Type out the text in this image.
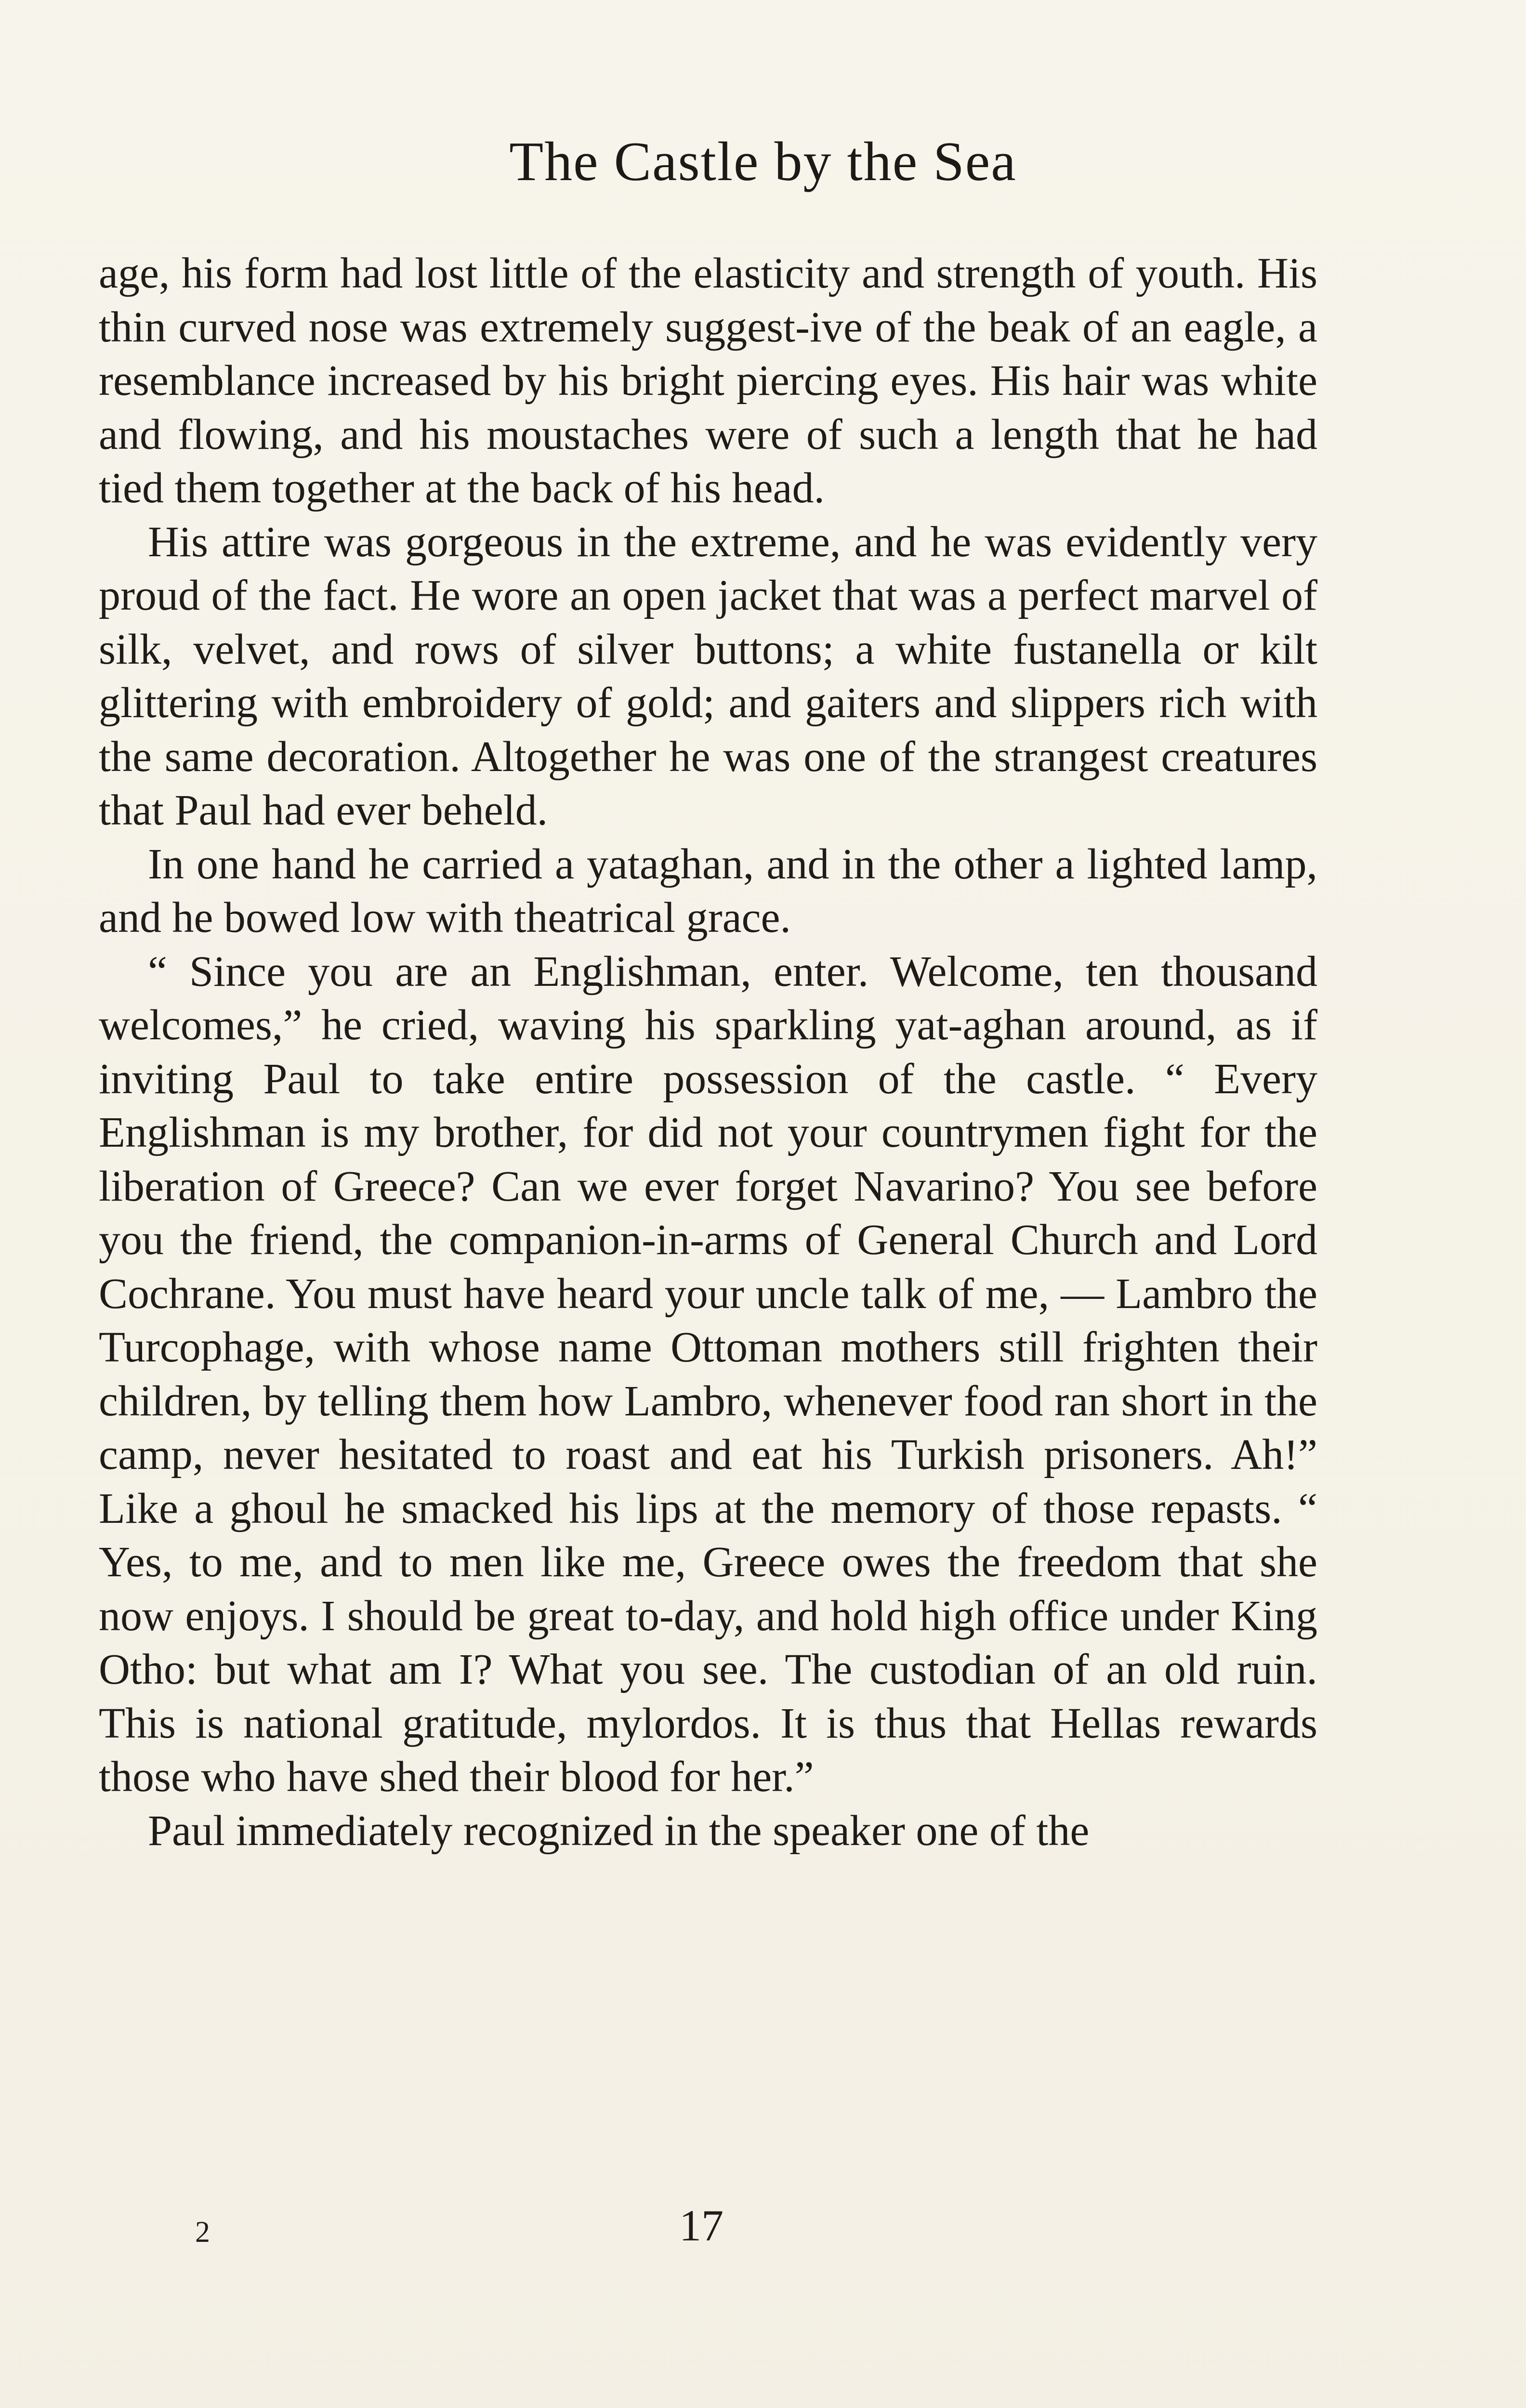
The Castle by the Sea

age, his form had lost little of the elasticity and strength of youth. His thin curved nose was extremely suggest-ive of the beak of an eagle, a resemblance increased by his bright piercing eyes. His hair was white and flowing, and his moustaches were of such a length that he had tied them together at the back of his head.

His attire was gorgeous in the extreme, and he was evidently very proud of the fact. He wore an open jacket that was a perfect marvel of silk, velvet, and rows of silver buttons; a white fustanella or kilt glittering with embroidery of gold; and gaiters and slippers rich with the same decoration. Altogether he was one of the strangest creatures that Paul had ever beheld.

In one hand he carried a yataghan, and in the other a lighted lamp, and he bowed low with theatrical grace.

“ Since you are an Englishman, enter. Welcome, ten thousand welcomes,” he cried, waving his sparkling yat-aghan around, as if inviting Paul to take entire possession of the castle. “ Every Englishman is my brother, for did not your countrymen fight for the liberation of Greece? Can we ever forget Navarino? You see before you the friend, the companion-in-arms of General Church and Lord Cochrane. You must have heard your uncle talk of me, — Lambro the Turcophage, with whose name Ottoman mothers still frighten their children, by telling them how Lambro, whenever food ran short in the camp, never hesitated to roast and eat his Turkish prisoners. Ah!” Like a ghoul he smacked his lips at the memory of those repasts. “ Yes, to me, and to men like me, Greece owes the freedom that she now enjoys. I should be great to-day, and hold high office under King Otho: but what am I? What you see. The custodian of an old ruin. This is national gratitude, mylordos. It is thus that Hellas rewards those who have shed their blood for her.”

Paul immediately recognized in the speaker one of the

2	17
